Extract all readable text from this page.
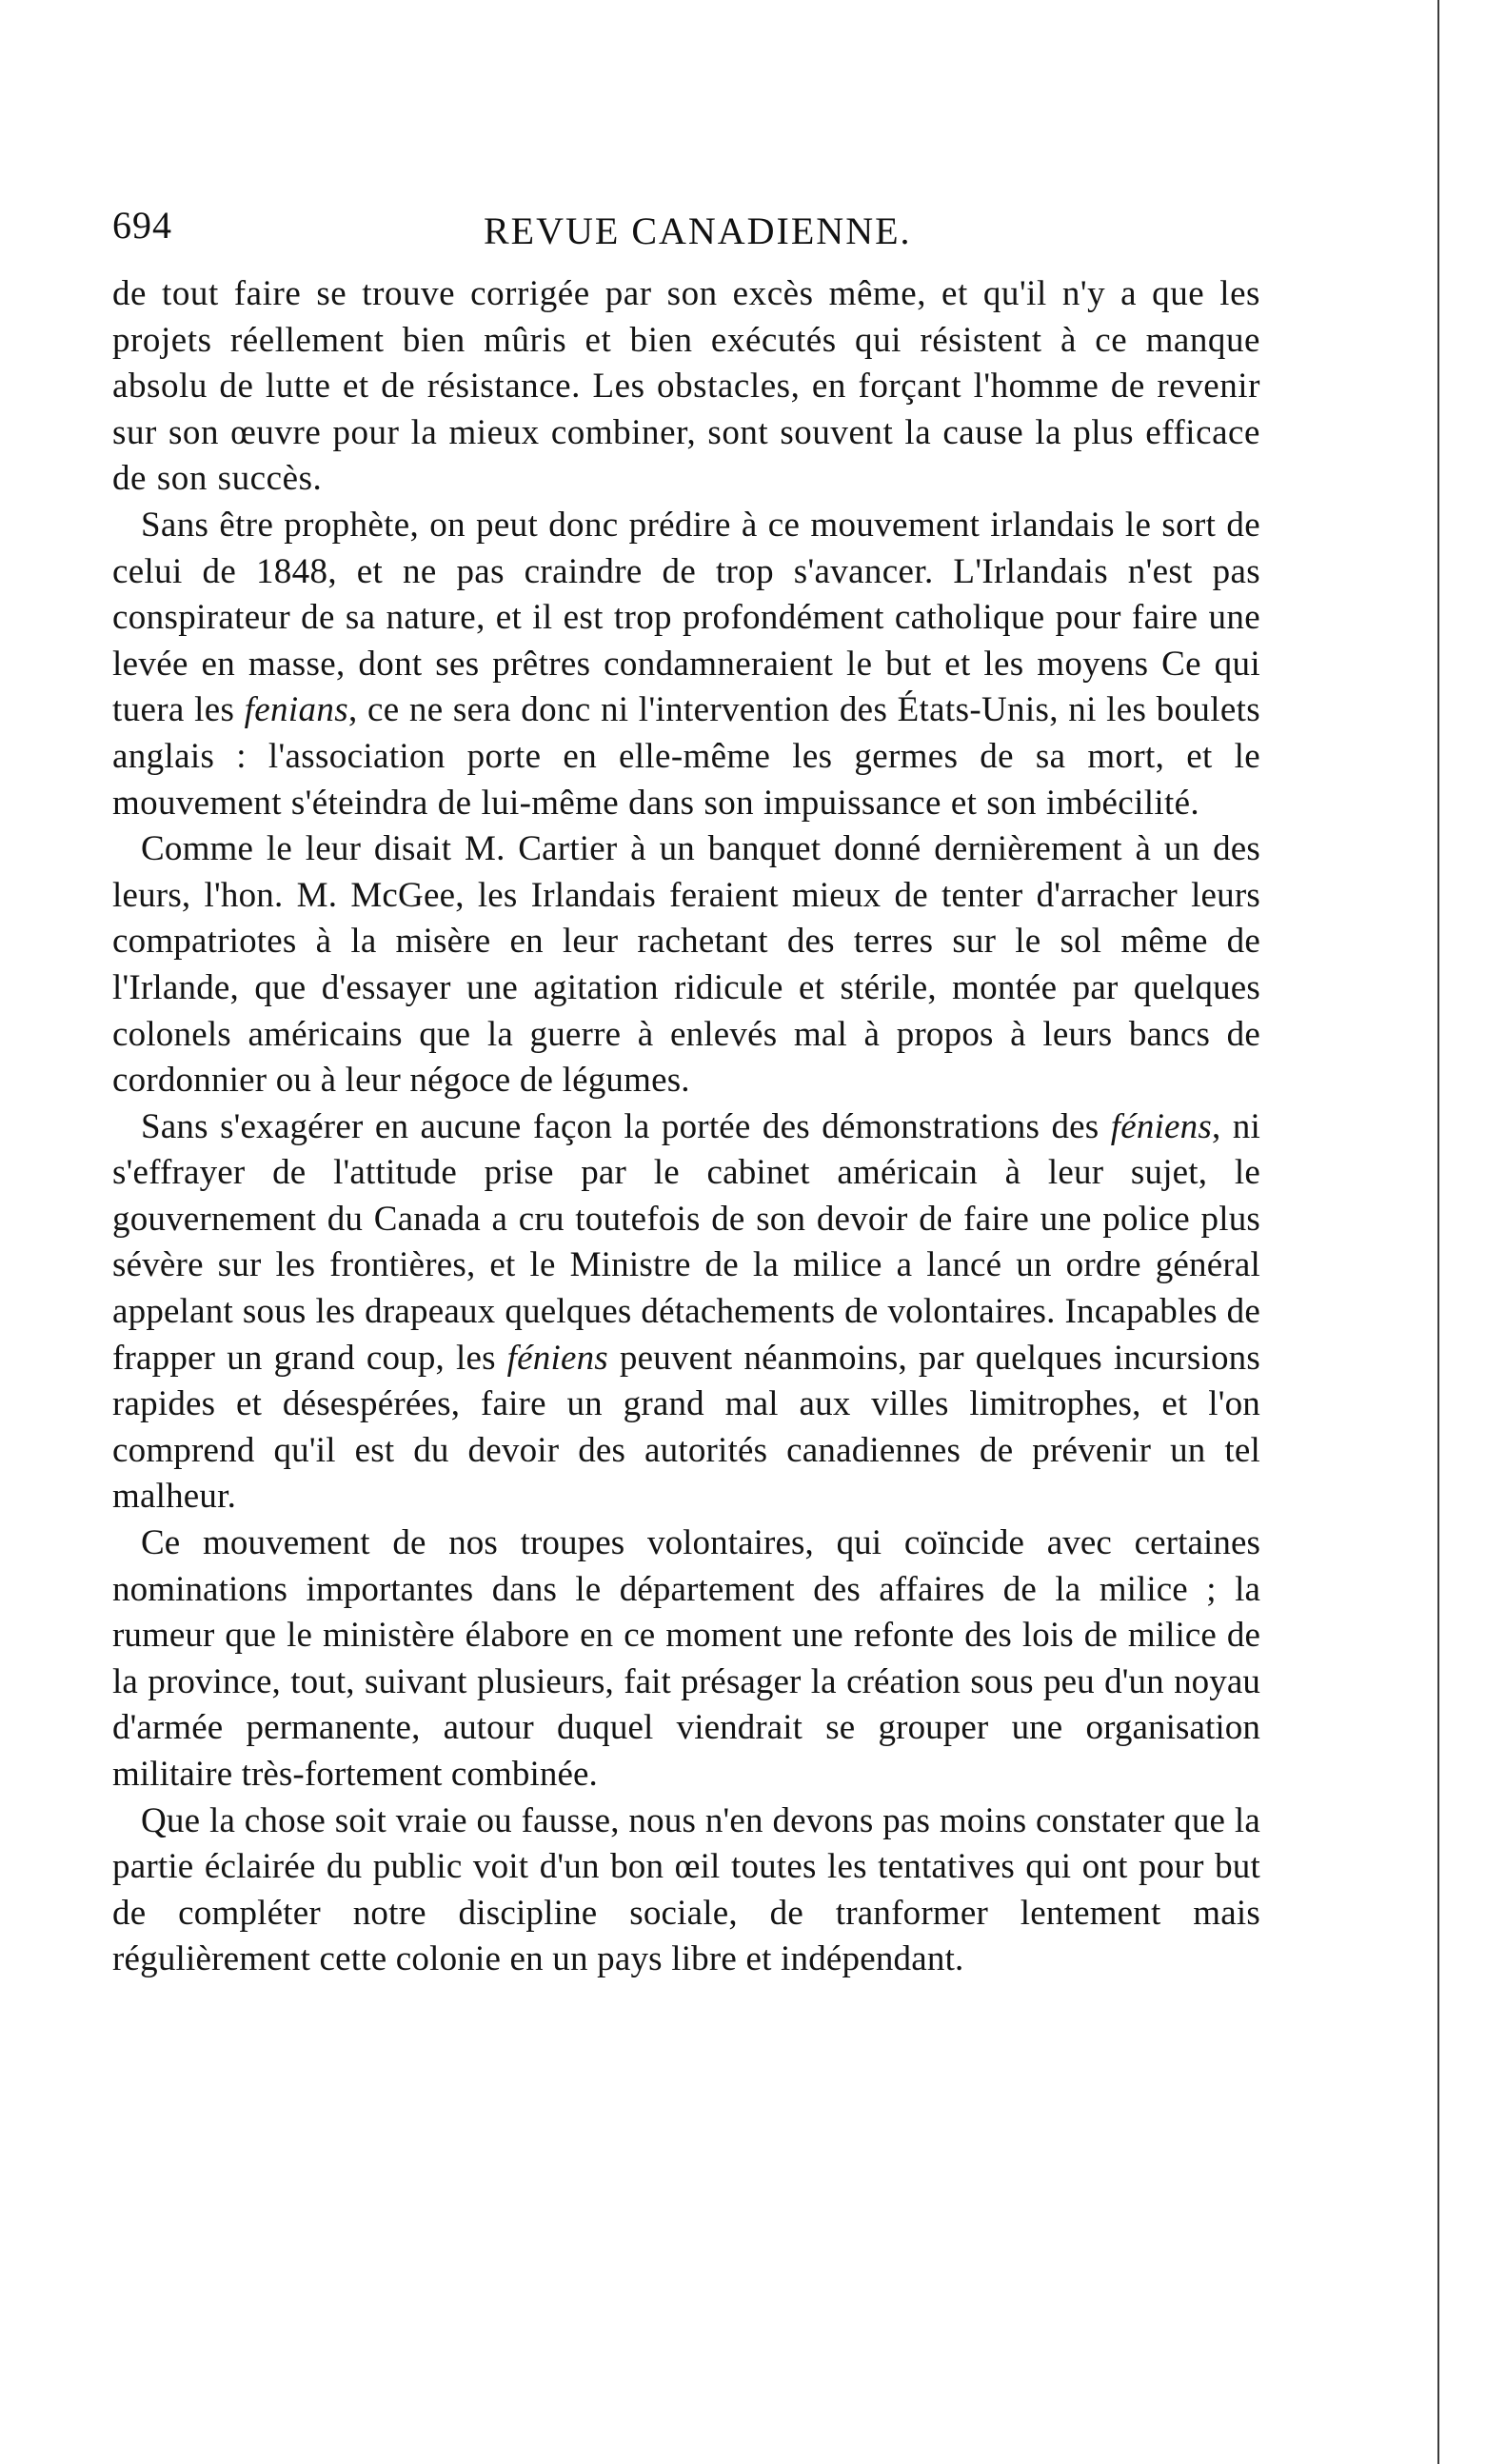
694	REVUE CANADIENNE.

de tout faire se trouve corrigée par son excès même, et qu'il n'y a que les projets réellement bien mûris et bien exécutés qui résistent à ce manque absolu de lutte et de résistance. Les obstacles, en forçant l'homme de revenir sur son œuvre pour la mieux combiner, sont souvent la cause la plus efficace de son succès.

Sans être prophète, on peut donc prédire à ce mouvement irlandais le sort de celui de 1848, et ne pas craindre de trop s'avancer. L'Irlandais n'est pas conspirateur de sa nature, et il est trop profondément catholique pour faire une levée en masse, dont ses prêtres condamneraient le but et les moyens Ce qui tuera les fenians, ce ne sera donc ni l'intervention des États-Unis, ni les boulets anglais : l'association porte en elle-même les germes de sa mort, et le mouvement s'éteindra de lui-même dans son impuissance et son imbécilité.

Comme le leur disait M. Cartier à un banquet donné dernièrement à un des leurs, l'hon. M. McGee, les Irlandais feraient mieux de tenter d'arracher leurs compatriotes à la misère en leur rachetant des terres sur le sol même de l'Irlande, que d'essayer une agitation ridicule et stérile, montée par quelques colonels américains que la guerre à enlevés mal à propos à leurs bancs de cordonnier ou à leur négoce de légumes.

Sans s'exagérer en aucune façon la portée des démonstrations des féniens, ni s'effrayer de l'attitude prise par le cabinet américain à leur sujet, le gouvernement du Canada a cru toutefois de son devoir de faire une police plus sévère sur les frontières, et le Ministre de la milice a lancé un ordre général appelant sous les drapeaux quelques détachements de volontaires. Incapables de frapper un grand coup, les féniens peuvent néanmoins, par quelques incursions rapides et désespérées, faire un grand mal aux villes limitrophes, et l'on comprend qu'il est du devoir des autorités canadiennes de prévenir un tel malheur.

Ce mouvement de nos troupes volontaires, qui coïncide avec certaines nominations importantes dans le département des affaires de la milice ; la rumeur que le ministère élabore en ce moment une refonte des lois de milice de la province, tout, suivant plusieurs, fait présager la création sous peu d'un noyau d'armée permanente, autour duquel viendrait se grouper une organisation militaire très-fortement combinée.

Que la chose soit vraie ou fausse, nous n'en devons pas moins constater que la partie éclairée du public voit d'un bon œil toutes les tentatives qui ont pour but de compléter notre discipline sociale, de tranformer lentement mais régulièrement cette colonie en un pays libre et indépendant.
